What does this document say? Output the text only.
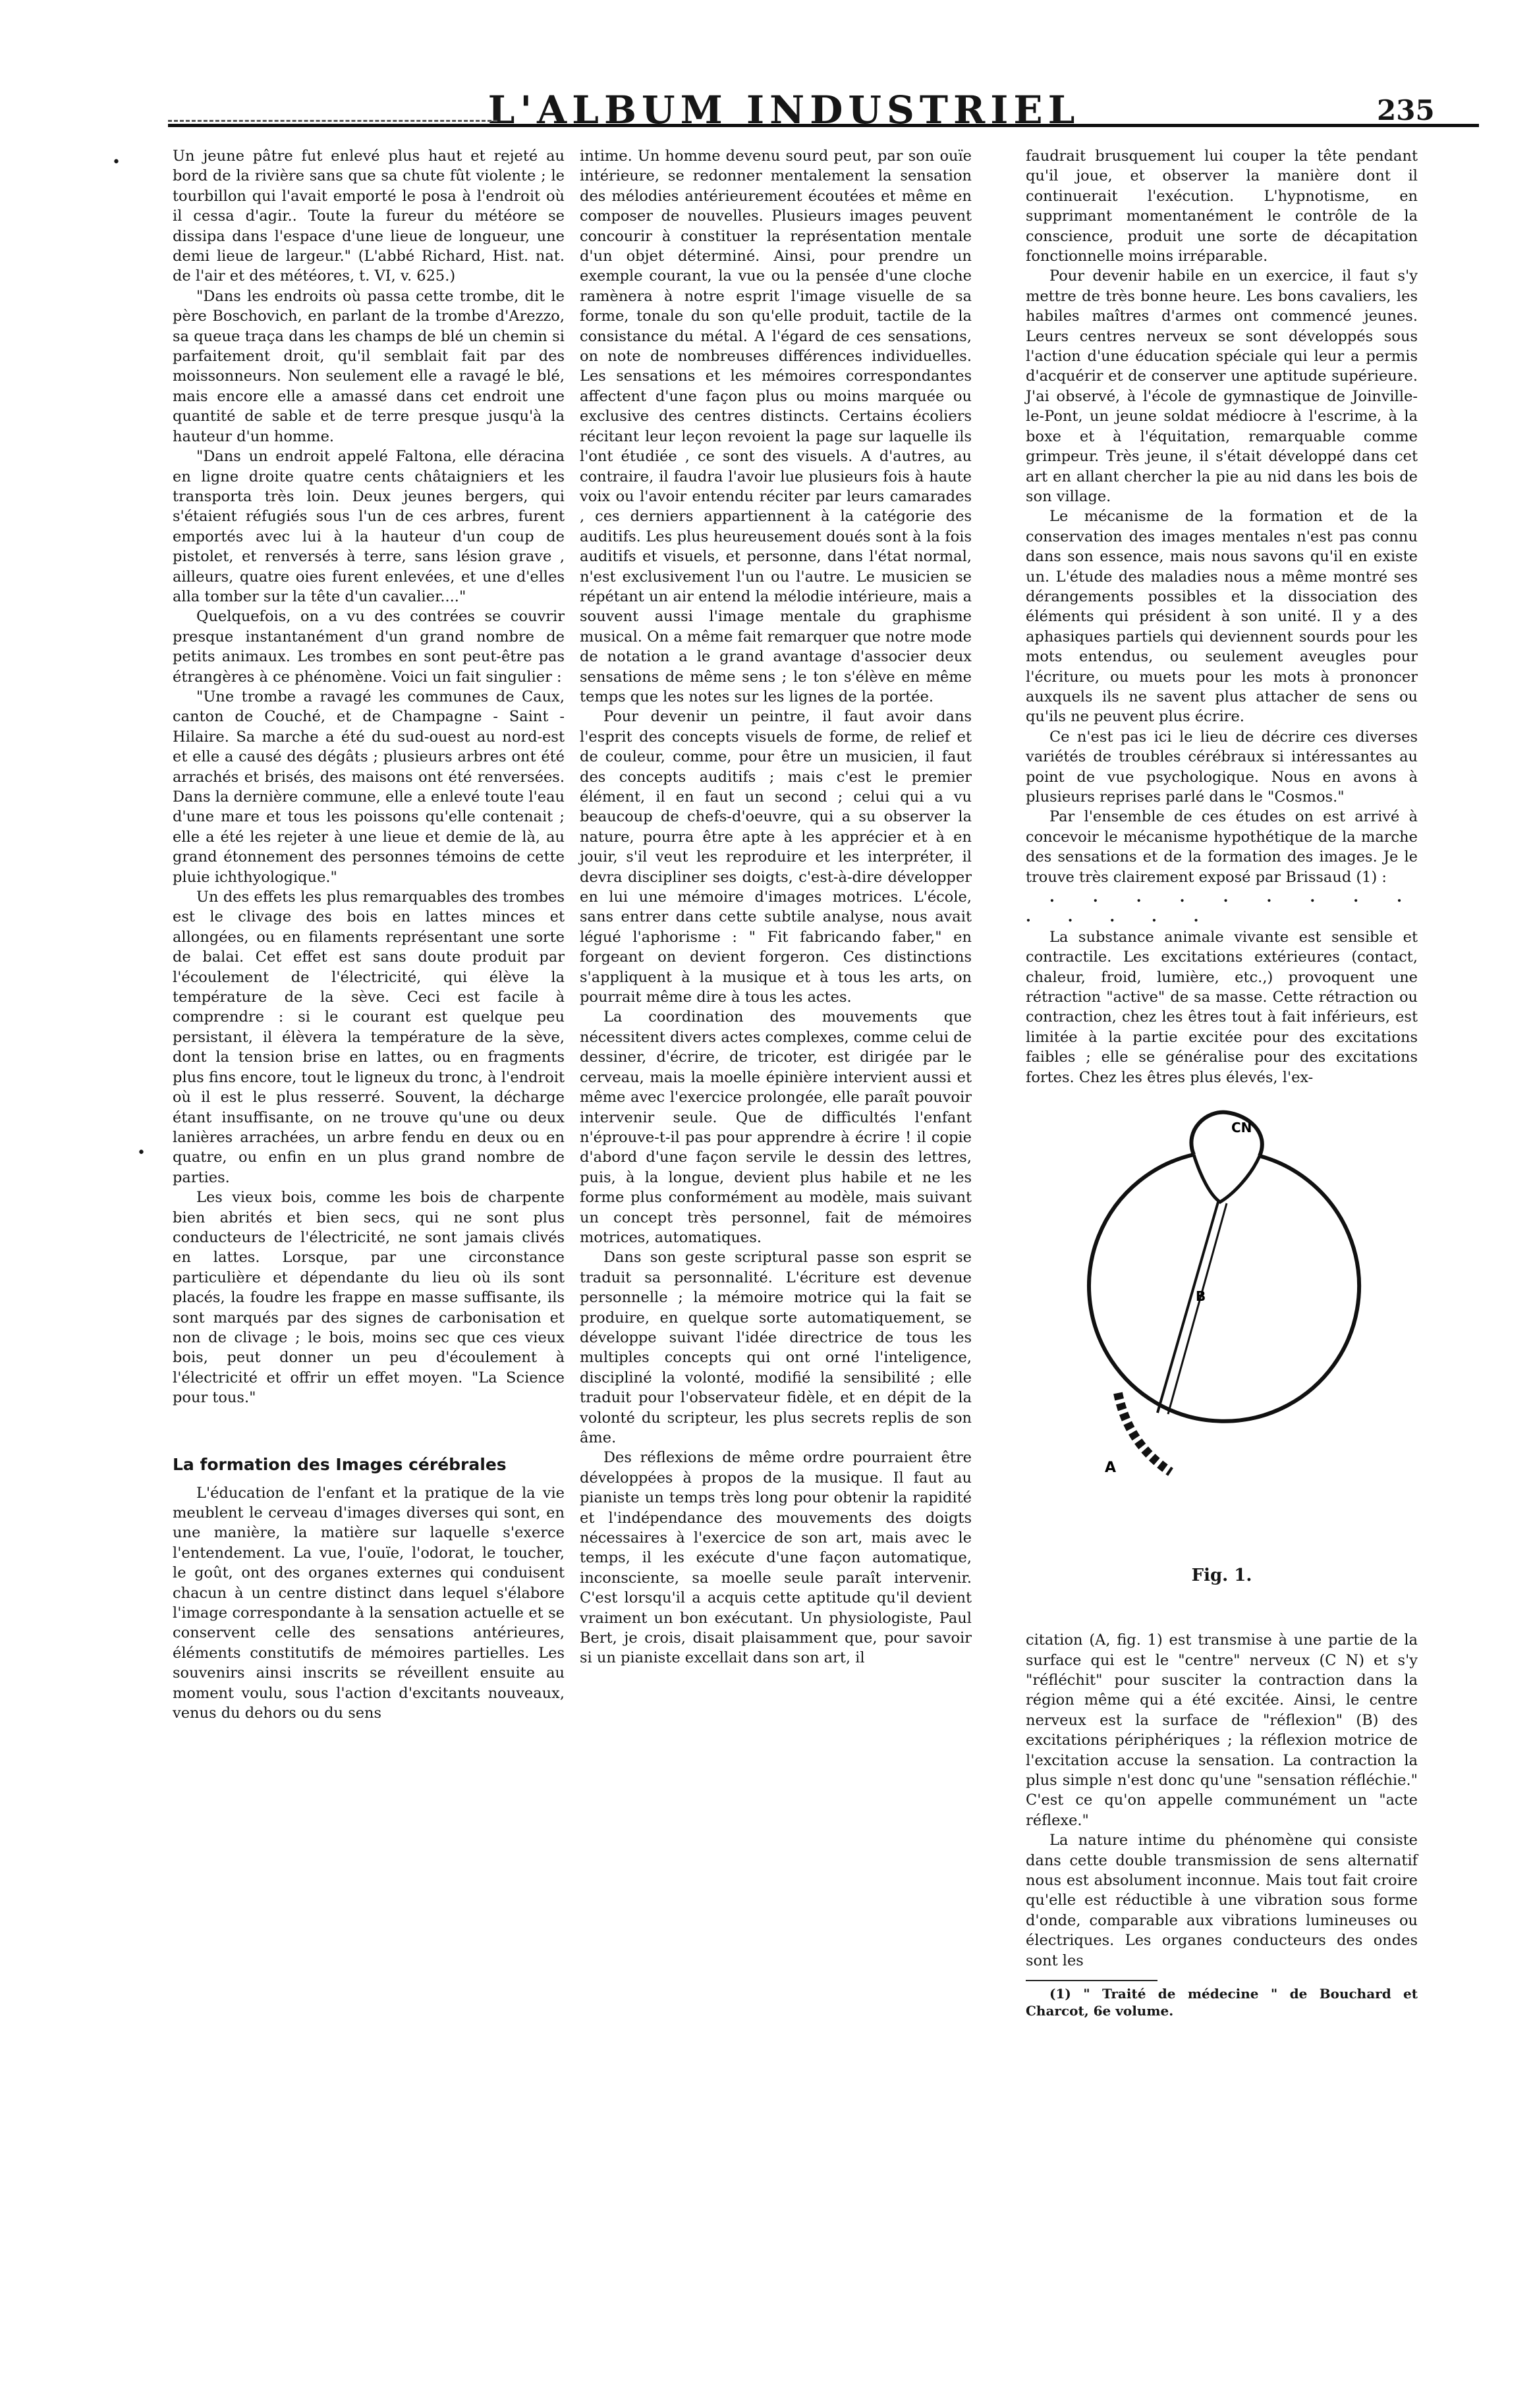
L'ALBUM INDUSTRIEL	235
•
•

Un jeune pâtre fut enlevé plus haut et rejeté au bord de la rivière sans que sa chute fût violente ; le tourbillon qui l'avait emporté le posa à l'endroit où il cessa d'agir.. Toute la fureur du météore se dissipa dans l'espace d'une lieue de longueur, une demi lieue de largeur." (L'abbé Richard, Hist. nat. de l'air et des météores, t. VI, v. 625.)

"Dans les endroits où passa cette trombe, dit le père Boschovich, en parlant de la trombe d'Arezzo, sa queue traça dans les champs de blé un chemin si parfaitement droit, qu'il semblait fait par des moissonneurs. Non seulement elle a ravagé le blé, mais encore elle a amassé dans cet endroit une quantité de sable et de terre presque jusqu'à la hauteur d'un homme.

"Dans un endroit appelé Faltona, elle déracina en ligne droite quatre cents châtaigniers et les transporta très loin. Deux jeunes bergers, qui s'étaient réfugiés sous l'un de ces arbres, furent emportés avec lui à la hauteur d'un coup de pistolet, et renversés à terre, sans lésion grave , ailleurs, quatre oies furent enlevées, et une d'elles alla tomber sur la tête d'un cavalier...."

Quelquefois, on a vu des contrées se couvrir presque instantanément d'un grand nombre de petits animaux. Les trombes en sont peut-être pas étrangères à ce phénomène. Voici un fait singulier :

"Une trombe a ravagé les communes de Caux, canton de Couché, et de Champagne - Saint - Hilaire. Sa marche a été du sud-ouest au nord-est et elle a causé des dégâts ; plusieurs arbres ont été arrachés et brisés, des maisons ont été renversées. Dans la dernière commune, elle a enlevé toute l'eau d'une mare et tous les poissons qu'elle contenait ; elle a été les rejeter à une lieue et demie de là, au grand étonnement des personnes témoins de cette pluie ichthyologique."

Un des effets les plus remarquables des trombes est le clivage des bois en lattes minces et allongées, ou en filaments représentant une sorte de balai. Cet effet est sans doute produit par l'écoulement de l'électricité, qui élève la température de la sève. Ceci est facile à comprendre : si le courant est quelque peu persistant, il élèvera la température de la sève, dont la tension brise en lattes, ou en fragments plus fins encore, tout le ligneux du tronc, à l'endroit où il est le plus resserré. Souvent, la décharge étant insuffisante, on ne trouve qu'une ou deux lanières arrachées, un arbre fendu en deux ou en quatre, ou enfin en un plus grand nombre de parties.

Les vieux bois, comme les bois de charpente bien abrités et bien secs, qui ne sont plus conducteurs de l'électricité, ne sont jamais clivés en lattes. Lorsque, par une circonstance particulière et dépendante du lieu où ils sont placés, la foudre les frappe en masse suffisante, ils sont marqués par des signes de carbonisation et non de clivage ; le bois, moins sec que ces vieux bois, peut donner un peu d'écoulement à l'électricité et offrir un effet moyen. "La Science pour tous."

La formation des Images cérébrales

L'éducation de l'enfant et la pratique de la vie meublent le cerveau d'images diverses qui sont, en une manière, la matière sur laquelle s'exerce l'entendement. La vue, l'ouïe, l'odorat, le toucher, le goût, ont des organes externes qui conduisent chacun à un centre distinct dans lequel s'élabore l'image correspondante à la sensation actuelle et se conservent celle des sensations antérieures, éléments constitutifs de mémoires partielles. Les souvenirs ainsi inscrits se réveillent ensuite au moment voulu, sous l'action d'excitants nouveaux, venus du dehors ou du sens

intime. Un homme devenu sourd peut, par son ouïe intérieure, se redonner mentalement la sensation des mélodies antérieurement écoutées et même en composer de nouvelles. Plusieurs images peuvent concourir à constituer la représentation mentale d'un objet déterminé. Ainsi, pour prendre un exemple courant, la vue ou la pensée d'une cloche ramènera à notre esprit l'image visuelle de sa forme, tonale du son qu'elle produit, tactile de la consistance du métal. A l'égard de ces sensations, on note de nombreuses différences individuelles. Les sensations et les mémoires correspondantes affectent d'une façon plus ou moins marquée ou exclusive des centres distincts. Certains écoliers récitant leur leçon revoient la page sur laquelle ils l'ont étudiée , ce sont des visuels. A d'autres, au contraire, il faudra l'avoir lue plusieurs fois à haute voix ou l'avoir entendu réciter par leurs camarades , ces derniers appartiennent à la catégorie des auditifs. Les plus heureusement doués sont à la fois auditifs et visuels, et personne, dans l'état normal, n'est exclusivement l'un ou l'autre. Le musicien se répétant un air entend la mélodie intérieure, mais a souvent aussi l'image mentale du graphisme musical. On a même fait remarquer que notre mode de notation a le grand avantage d'associer deux sensations de même sens ; le ton s'élève en même temps que les notes sur les lignes de la portée.

Pour devenir un peintre, il faut avoir dans l'esprit des concepts visuels de forme, de relief et de couleur, comme, pour être un musicien, il faut des concepts auditifs ; mais c'est le premier élément, il en faut un second ; celui qui a vu beaucoup de chefs-d'oeuvre, qui a su observer la nature, pourra être apte à les apprécier et à en jouir, s'il veut les reproduire et les interpréter, il devra discipliner ses doigts, c'est-à-dire développer en lui une mémoire d'images motrices. L'école, sans entrer dans cette subtile analyse, nous avait légué l'aphorisme : " Fit fabricando faber," en forgeant on devient forgeron. Ces distinctions s'appliquent à la musique et à tous les arts, on pourrait même dire à tous les actes.

La coordination des mouvements que nécessitent divers actes complexes, comme celui de dessiner, d'écrire, de tricoter, est dirigée par le cerveau, mais la moelle épinière intervient aussi et même avec l'exercice prolongée, elle paraît pouvoir intervenir seule. Que de difficultés l'enfant n'éprouve-t-il pas pour apprendre à écrire ! il copie d'abord d'une façon servile le dessin des lettres, puis, à la longue, devient plus habile et ne les forme plus conformément au modèle, mais suivant un concept très personnel, fait de mémoires motrices, automatiques.

Dans son geste scriptural passe son esprit se traduit sa personnalité. L'écriture est devenue personnelle ; la mémoire motrice qui la fait se produire, en quelque sorte automatiquement, se développe suivant l'idée directrice de tous les multiples concepts qui ont orné l'inteligence, discipliné la volonté, modifié la sensibilité ; elle traduit pour l'observateur fidèle, et en dépit de la volonté du scripteur, les plus secrets replis de son âme.

Des réflexions de même ordre pourraient être développées à propos de la musique. Il faut au pianiste un temps très long pour obtenir la rapidité et l'indépendance des mouvements des doigts nécessaires à l'exercice de son art, mais avec le temps, il les exécute d'une façon automatique, inconsciente, sa moelle seule paraît intervenir. C'est lorsqu'il a acquis cette aptitude qu'il devient vraiment un bon exécutant. Un physiologiste, Paul Bert, je crois, disait plaisamment que, pour savoir si un pianiste excellait dans son art, il

faudrait brusquement lui couper la tête pendant qu'il joue, et observer la manière dont il continuerait l'exécution. L'hypnotisme, en supprimant momentanément le contrôle de la conscience, produit une sorte de décapitation fonctionnelle moins irréparable.

Pour devenir habile en un exercice, il faut s'y mettre de très bonne heure. Les bons cavaliers, les habiles maîtres d'armes ont commencé jeunes. Leurs centres nerveux se sont développés sous l'action d'une éducation spéciale qui leur a permis d'acquérir et de conserver une aptitude supérieure. J'ai observé, à l'école de gymnastique de Joinville-le-Pont, un jeune soldat médiocre à l'escrime, à la boxe et à l'équitation, remarquable comme grimpeur. Très jeune, il s'était développé dans cet art en allant chercher la pie au nid dans les bois de son village.

Le mécanisme de la formation et de la conservation des images mentales n'est pas connu dans son essence, mais nous savons qu'il en existe un. L'étude des maladies nous a même montré ses dérangements possibles et la dissociation des éléments qui président à son unité. Il y a des aphasiques partiels qui deviennent sourds pour les mots entendus, ou seulement aveugles pour l'écriture, ou muets pour les mots à prononcer auxquels ils ne savent plus attacher de sens ou qu'ils ne peuvent plus écrire.

Ce n'est pas ici le lieu de décrire ces diverses variétés de troubles cérébraux si intéressantes au point de vue psychologique. Nous en avons à plusieurs reprises parlé dans le "Cosmos."

Par l'ensemble de ces études on est arrivé à concevoir le mécanisme hypothétique de la marche des sensations et de la formation des images. Je le trouve très clairement exposé par Brissaud (1) :

. . . . . . . . . . . . . .

La substance animale vivante est sensible et contractile. Les excitations extérieures (contact, chaleur, froid, lumière, etc.,) provoquent une rétraction "active" de sa masse. Cette rétraction ou contraction, chez les êtres tout à fait inférieurs, est limitée à la partie excitée pour des excitations faibles ; elle se généralise pour des excitations fortes. Chez les êtres plus élevés, l'ex-

CN
B
A
Fig. 1.

citation (A, fig. 1) est transmise à une partie de la surface qui est le "centre" nerveux (C N) et s'y "réfléchit" pour susciter la contraction dans la région même qui a été excitée. Ainsi, le centre nerveux est la surface de "réflexion" (B) des excitations périphériques ; la réflexion motrice de l'excitation accuse la sensation. La contraction la plus simple n'est donc qu'une "sensation réfléchie." C'est ce qu'on appelle communément un "acte réflexe."

La nature intime du phénomène qui consiste dans cette double transmission de sens alternatif nous est absolument inconnue. Mais tout fait croire qu'elle est réductible à une vibration sous forme d'onde, comparable aux vibrations lumineuses ou électriques. Les organes conducteurs des ondes sont les

(1) " Traité de médecine " de Bouchard et Charcot, 6e volume.
